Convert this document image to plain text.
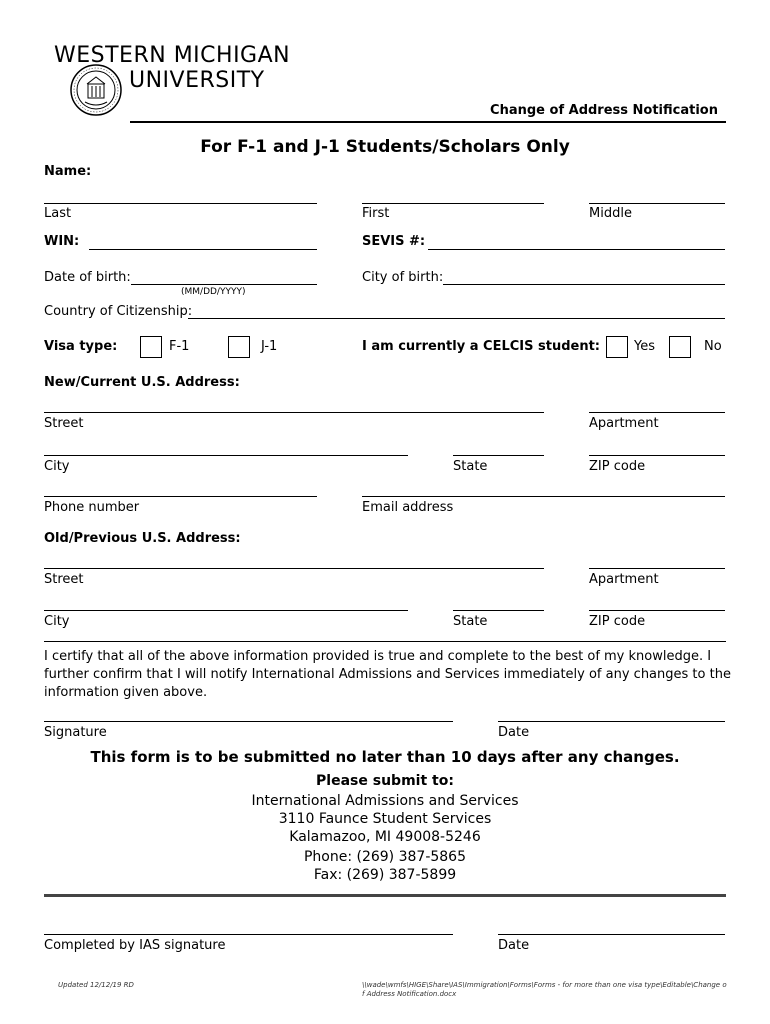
WESTERN MICHIGAN
UNIVERSITY
Change of Address Notification
For F-1 and J-1 Students/Scholars Only
Name:
Last	First	Middle
WIN:	SEVIS #:
Date of birth:
(MM/DD/YYYY)
City of birth:
Country of Citizenship:
Visa type:	F-1	J-1	I am currently a CELCIS student:	Yes	No
New/Current U.S. Address:
Street	Apartment
City	State	ZIP code
Phone number	Email address
Old/Previous U.S. Address:
Street	Apartment
City	State	ZIP code
I certify that all of the above information provided is true and complete to the best of my knowledge. I further confirm that I will notify International Admissions and Services immediately of any changes to the information given above.
Signature	Date
This form is to be submitted no later than 10 days after any changes.
Please submit to:
International Admissions and Services
3110 Faunce Student Services
Kalamazoo, MI 49008-5246
Phone: (269) 387-5865
Fax: (269) 387-5899
Completed by IAS signature	Date
Updated 12/12/19 RD	\\wade\wmfs\HIGE\Share\IAS\Immigration\Forms\Forms - for more than one visa type\Editable\Change of Address Notification.docx
